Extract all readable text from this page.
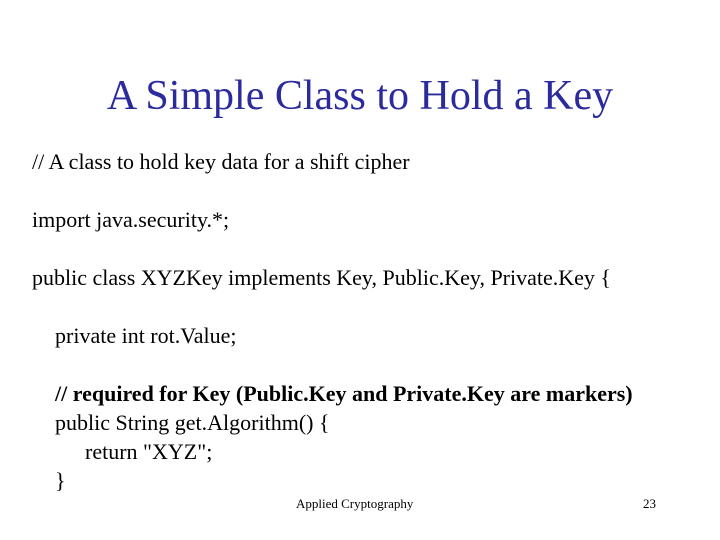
A Simple Class to Hold a Key
// A class to hold key data for a shift cipher
import java.security.*;
public class XYZKey implements Key, Public.Key, Private.Key {
private int rot.Value;
// required for Key (Public.Key and Private.Key are markers)
public String get.Algorithm() {
return "XYZ";
}
Applied Cryptography	23
